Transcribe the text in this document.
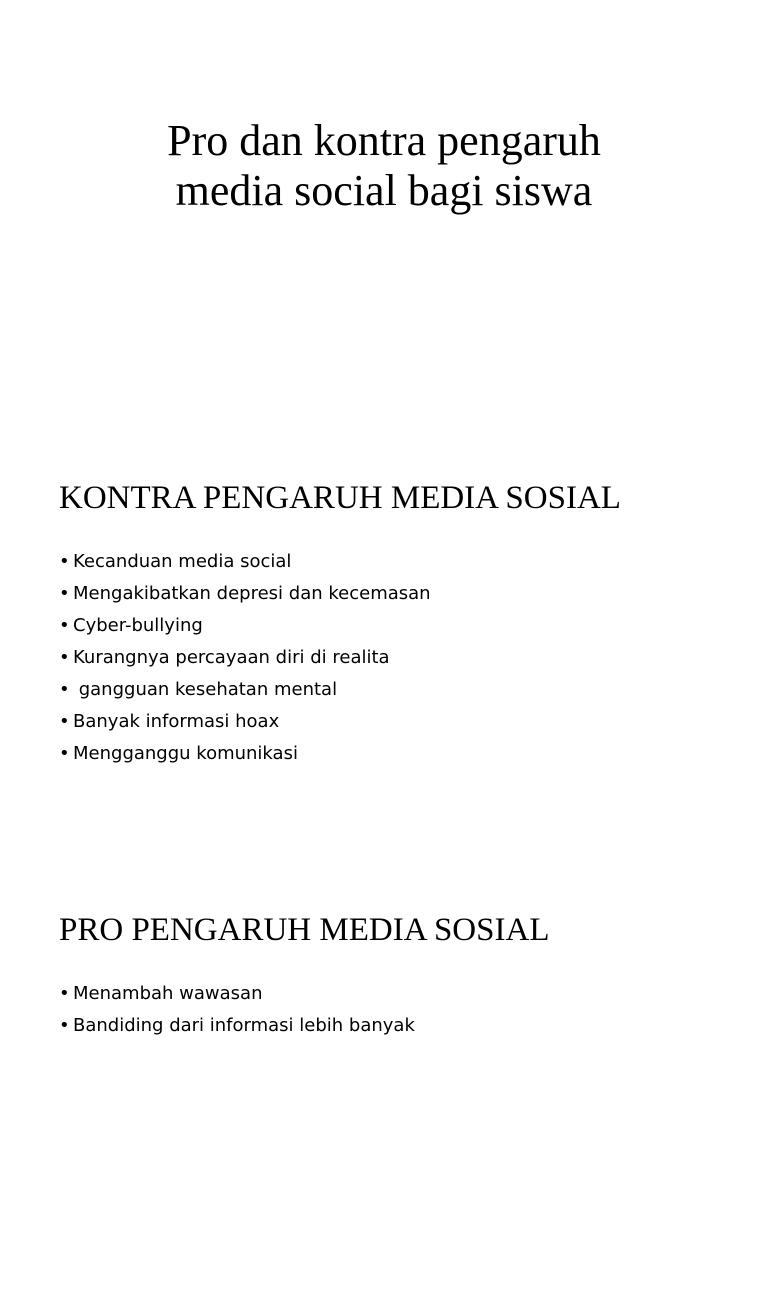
Pro dan kontra pengaruh
media social bagi siswa
KONTRA PENGARUH MEDIA SOSIAL
• Kecanduan media social
• Mengakibatkan depresi dan kecemasan
• Cyber-bullying
• Kurangnya percayaan diri di realita
• gangguan kesehatan mental
• Banyak informasi hoax
• Mengganggu komunikasi
PRO PENGARUH MEDIA SOSIAL
• Menambah wawasan
• Bandiding dari informasi lebih banyak
